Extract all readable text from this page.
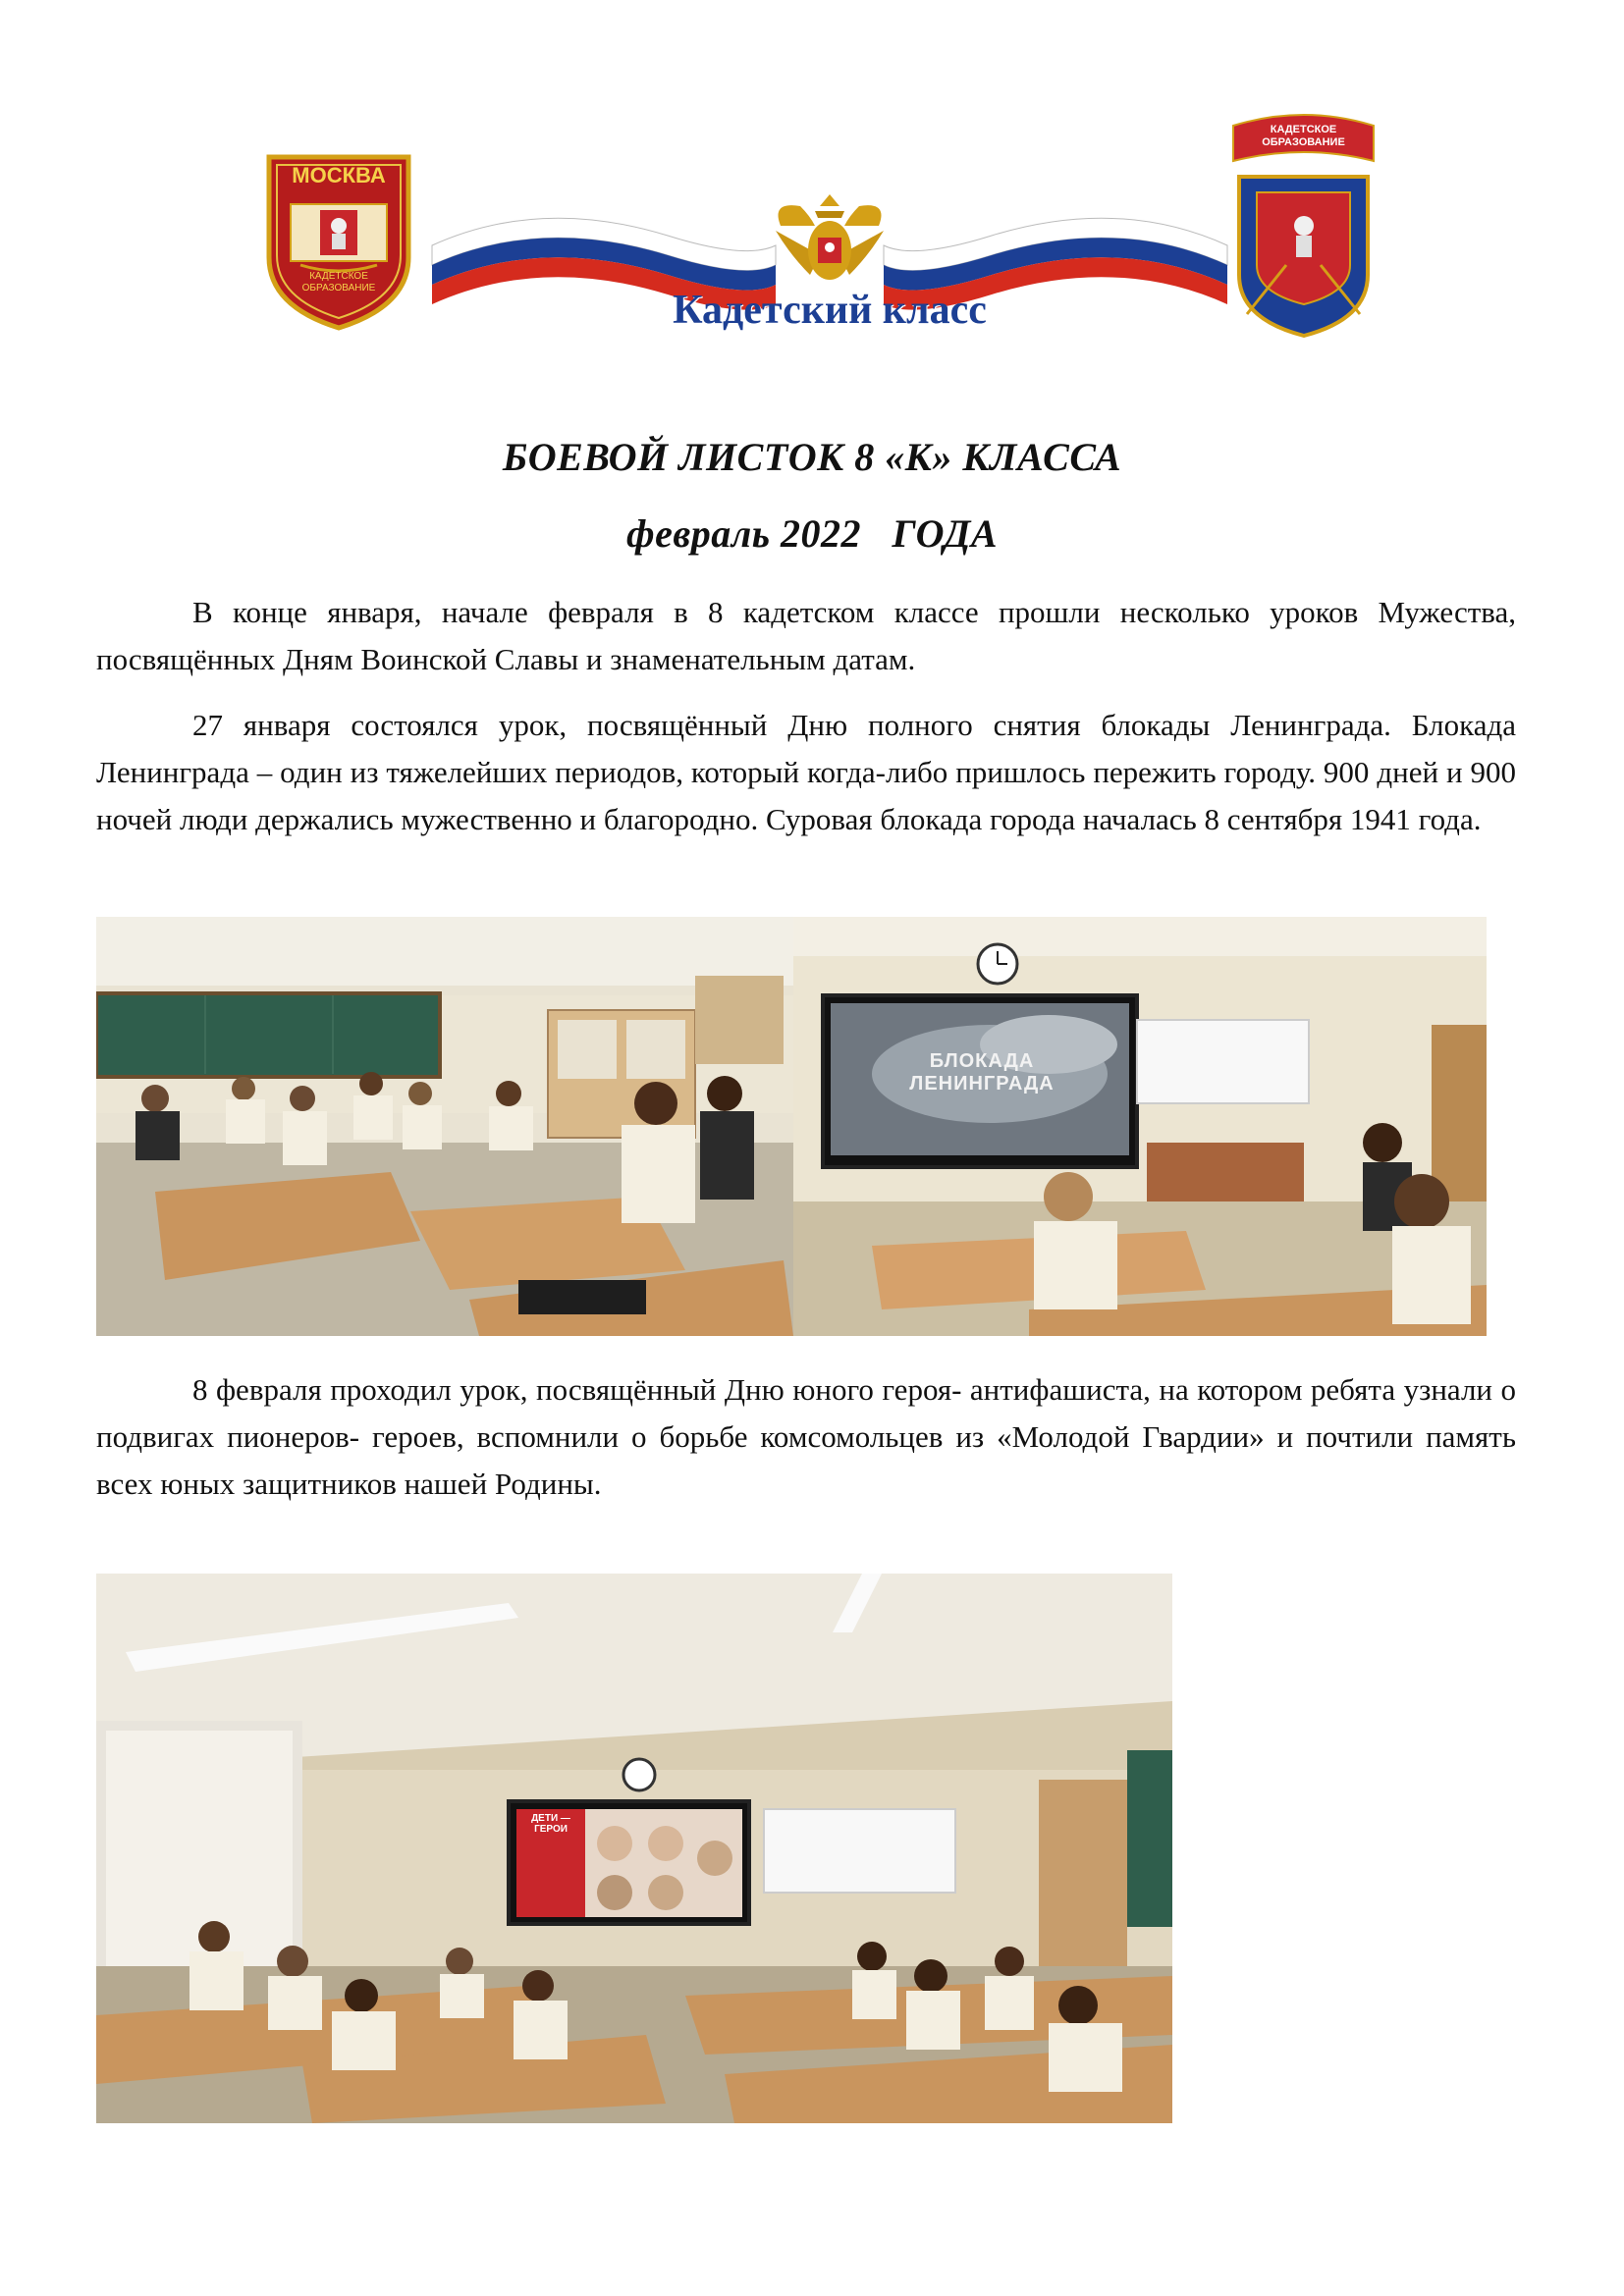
МОСКВА
КАДЕТСКОЕ ОБРАЗОВАНИЕ	Кадетский класс
КАДЕТСКОЕ ОБРАЗОВАНИЕ
БОЕВОЙ ЛИСТОК 8 «К» КЛАССА
февраль 2022   ГОДА

В конце января, начале февраля в 8 кадетском классе прошли несколько уроков Мужества, посвящённых Дням Воинской Славы и знаменательным датам.

27 января состоялся урок, посвящённый Дню полного снятия блокады Ленинграда. Блокада Ленинграда – один из тяжелейших периодов, который когда-либо пришлось пережить городу. 900 дней и 900 ночей люди держались мужественно и благородно. Суровая блокада города началась 8 сентября 1941 года.

БЛОКАДА ЛЕНИНГРАДА

8 февраля проходил урок, посвящённый Дню юного героя- антифашиста, на котором ребята узнали о подвигах пионеров- героев, вспомнили о борьбе комсомольцев из «Молодой Гвардии» и почтили память всех юных защитников нашей Родины.

ДЕТИ — ГЕРОИ
